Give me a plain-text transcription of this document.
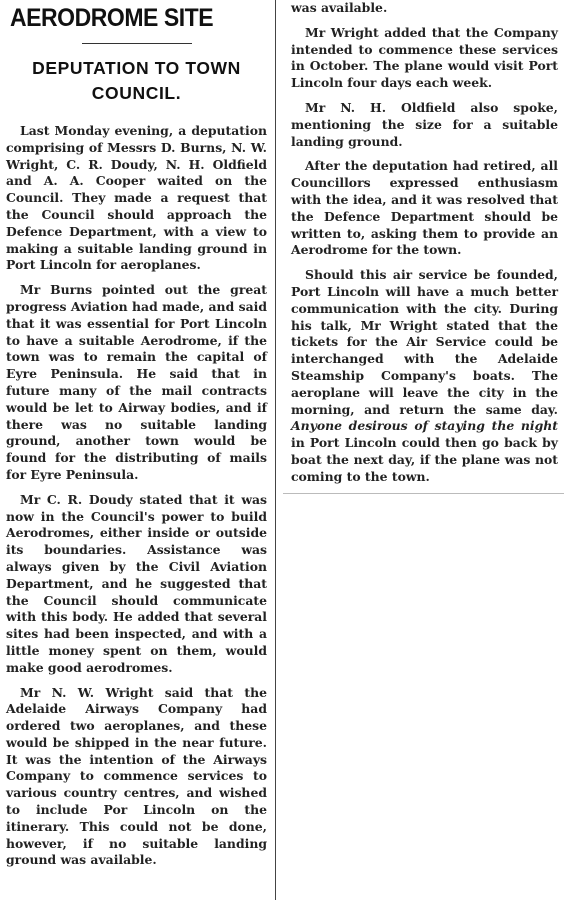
AERODROME SITE
DEPUTATION TO TOWN COUNCIL.

Last Monday evening, a deputation comprising of Messrs D. Burns, N. W. Wright, C. R. Doudy, N. H. Oldfield and A. A. Cooper waited on the Council. They made a request that the Council should approach the Defence Department, with a view to making a suitable landing ground in Port Lincoln for aeroplanes.

Mr Burns pointed out the great progress Aviation had made, and said that it was essential for Port Lincoln to have a suitable Aerodrome, if the town was to remain the capital of Eyre Peninsula. He said that in future many of the mail contracts would be let to Airway bodies, and if there was no suitable landing ground, another town would be found for the distributing of mails for Eyre Peninsula.

Mr C. R. Doudy stated that it was now in the Council's power to build Aerodromes, either inside or outside its boundaries. Assistance was always given by the Civil Aviation Department, and he suggested that the Council should communicate with this body. He added that several sites had been inspected, and with a little money spent on them, would make good aerodromes.

Mr N. W. Wright said that the Adelaide Airways Company had ordered two aeroplanes, and these would be shipped in the near future. It was the intention of the Airways Company to commence services to various country centres, and wished to include Por Lincoln on the itinerary. This could not be done, however, if no suitable landing ground was available.

was available.

Mr Wright added that the Company intended to commence these services in October. The plane would visit Port Lincoln four days each week.

Mr N. H. Oldfield also spoke, mentioning the size for a suitable landing ground.

After the deputation had retired, all Councillors expressed enthusiasm with the idea, and it was resolved that the Defence Department should be written to, asking them to provide an Aerodrome for the town.

Should this air service be founded, Port Lincoln will have a much better communication with the city. During his talk, Mr Wright stated that the tickets for the Air Service could be interchanged with the Adelaide Steamship Company's boats. The aeroplane will leave the city in the morning, and return the same day. Anyone desirous of staying the night in Port Lincoln could then go back by boat the next day, if the plane was not coming to the town.
